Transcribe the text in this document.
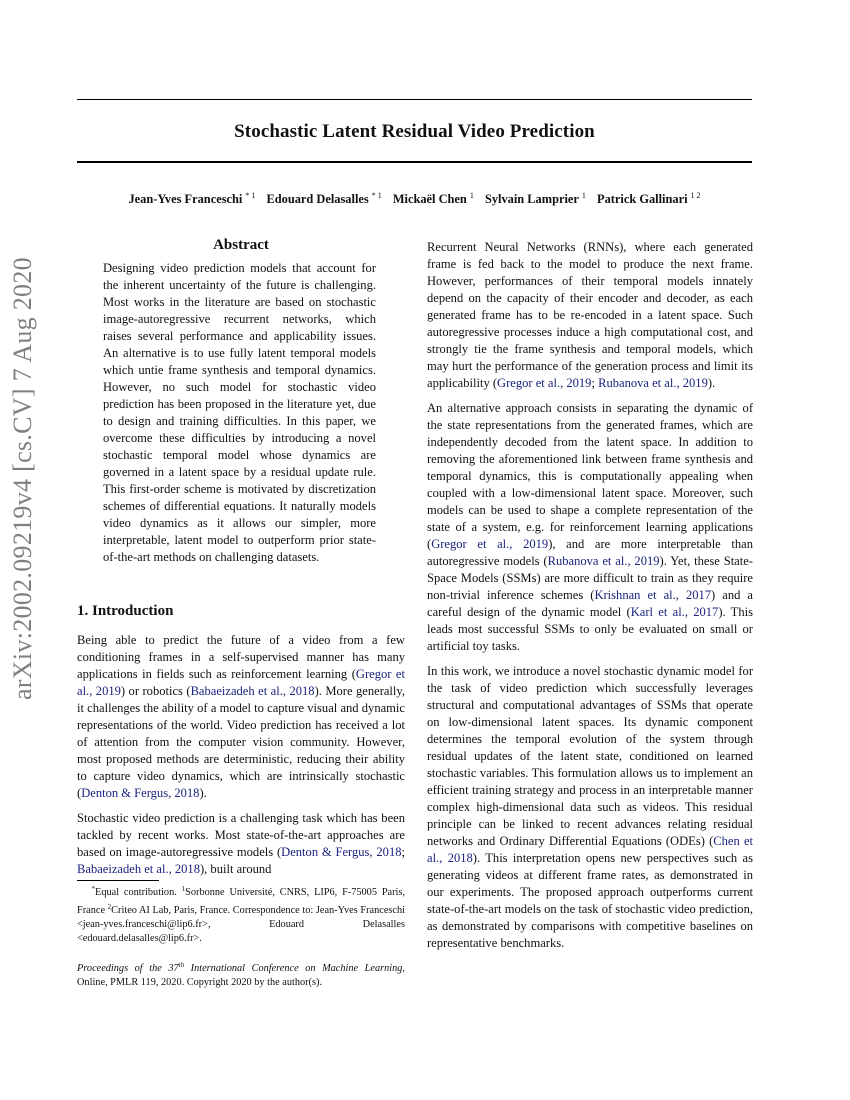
arXiv:2002.09219v4 [cs.CV] 7 Aug 2020
Stochastic Latent Residual Video Prediction
Jean-Yves Franceschi $^{* 1}$ Edouard Delasalles $^{* 1}$ Mickaël Chen $^1$ Sylvain Lamprier $^1$ Patrick Gallinari $^{1 2}$
Abstract
Designing video prediction models that account for the inherent uncertainty of the future is challenging. Most works in the literature are based on stochastic image-autoregressive recurrent networks, which raises several performance and applicability issues. An alternative is to use fully latent temporal models which untie frame synthesis and temporal dynamics. However, no such model for stochastic video prediction has been proposed in the literature yet, due to design and training difficulties. In this paper, we overcome these difficulties by introducing a novel stochastic temporal model whose dynamics are governed in a latent space by a residual update rule. This first-order scheme is motivated by discretization schemes of differential equations. It naturally models video dynamics as it allows our simpler, more interpretable, latent model to outperform prior state-of-the-art methods on challenging datasets.
1. Introduction

Being able to predict the future of a video from a few conditioning frames in a self-supervised manner has many applications in fields such as reinforcement learning (Gregor et al., 2019) or robotics (Babaeizadeh et al., 2018). More generally, it challenges the ability of a model to capture visual and dynamic representations of the world. Video prediction has received a lot of attention from the computer vision community. However, most proposed methods are deterministic, reducing their ability to capture video dynamics, which are intrinsically stochastic (Denton & Fergus, 2018).

Stochastic video prediction is a challenging task which has been tackled by recent works. Most state-of-the-art approaches are based on image-autoregressive models (Denton & Fergus, 2018; Babaeizadeh et al., 2018), built around

*Equal contribution. $^1$Sorbonne Université, CNRS, LIP6, F-75005 Paris, France $^2$Criteo AI Lab, Paris, France. Correspondence to: Jean-Yves Franceschi <jean-yves.franceschi@lip6.fr>, Edouard Delasalles <edouard.delasalles@lip6.fr>.
Proceedings of the 37th International Conference on Machine Learning, Online, PMLR 119, 2020. Copyright 2020 by the author(s).

Recurrent Neural Networks (RNNs), where each generated frame is fed back to the model to produce the next frame. However, performances of their temporal models innately depend on the capacity of their encoder and decoder, as each generated frame has to be re-encoded in a latent space. Such autoregressive processes induce a high computational cost, and strongly tie the frame synthesis and temporal models, which may hurt the performance of the generation process and limit its applicability (Gregor et al., 2019; Rubanova et al., 2019).

An alternative approach consists in separating the dynamic of the state representations from the generated frames, which are independently decoded from the latent space. In addition to removing the aforementioned link between frame synthesis and temporal dynamics, this is computationally appealing when coupled with a low-dimensional latent space. Moreover, such models can be used to shape a complete representation of the state of a system, e.g. for reinforcement learning applications (Gregor et al., 2019), and are more interpretable than autoregressive models (Rubanova et al., 2019). Yet, these State-Space Models (SSMs) are more difficult to train as they require non-trivial inference schemes (Krishnan et al., 2017) and a careful design of the dynamic model (Karl et al., 2017). This leads most successful SSMs to only be evaluated on small or artificial toy tasks.

In this work, we introduce a novel stochastic dynamic model for the task of video prediction which successfully leverages structural and computational advantages of SSMs that operate on low-dimensional latent spaces. Its dynamic component determines the temporal evolution of the system through residual updates of the latent state, conditioned on learned stochastic variables. This formulation allows us to implement an efficient training strategy and process in an interpretable manner complex high-dimensional data such as videos. This residual principle can be linked to recent advances relating residual networks and Ordinary Differential Equations (ODEs) (Chen et al., 2018). This interpretation opens new perspectives such as generating videos at different frame rates, as demonstrated in our experiments. The proposed approach outperforms current state-of-the-art models on the task of stochastic video prediction, as demonstrated by comparisons with competitive baselines on representative benchmarks.
